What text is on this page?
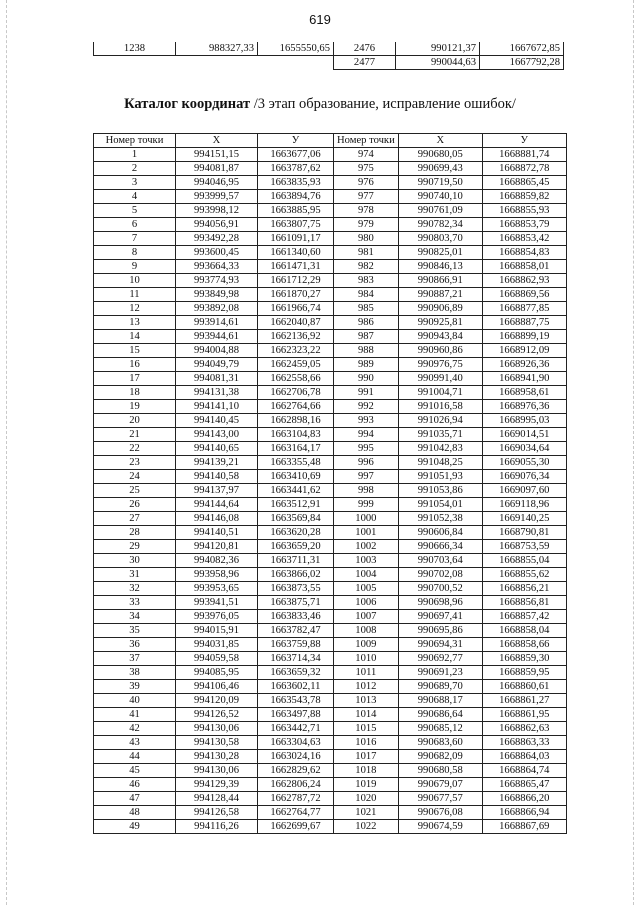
619
1238	988327,33	1655550,65	2476	990121,37	1667672,85
			2477	990044,63	1667792,28
Каталог координат /3 этап образование, исправление ошибок/
Номер точки	X	У	Номер точки	X	У
1	994151,15	1663677,06	974	990680,05	1668881,74
2	994081,87	1663787,62	975	990699,43	1668872,78
3	994046,95	1663835,93	976	990719,50	1668865,45
4	993999,57	1663894,76	977	990740,10	1668859,82
5	993998,12	1663885,95	978	990761,09	1668855,93
6	994056,91	1663807,75	979	990782,34	1668853,79
7	993492,28	1661091,17	980	990803,70	1668853,42
8	993600,45	1661340,60	981	990825,01	1668854,83
9	993664,33	1661471,31	982	990846,13	1668858,01
10	993774,93	1661712,29	983	990866,91	1668862,93
11	993849,98	1661870,27	984	990887,21	1668869,56
12	993892,08	1661966,74	985	990906,89	1668877,85
13	993914,61	1662040,87	986	990925,81	1668887,75
14	993944,61	1662136,92	987	990943,84	1668899,19
15	994004,88	1662323,22	988	990960,86	1668912,09
16	994049,79	1662459,05	989	990976,75	1668926,36
17	994081,31	1662558,66	990	990991,40	1668941,90
18	994131,38	1662706,78	991	991004,71	1668958,61
19	994141,10	1662764,66	992	991016,58	1668976,36
20	994140,45	1662898,16	993	991026,94	1668995,03
21	994143,00	1663104,83	994	991035,71	1669014,51
22	994140,65	1663164,17	995	991042,83	1669034,64
23	994139,21	1663355,48	996	991048,25	1669055,30
24	994140,58	1663410,69	997	991051,93	1669076,34
25	994137,97	1663441,62	998	991053,86	1669097,60
26	994144,64	1663512,91	999	991054,01	1669118,96
27	994146,08	1663569,84	1000	991052,38	1669140,25
28	994140,51	1663620,28	1001	990606,84	1668790,81
29	994120,81	1663659,20	1002	990666,34	1668753,59
30	994082,36	1663711,31	1003	990703,64	1668855,04
31	993958,96	1663866,02	1004	990702,08	1668855,62
32	993953,65	1663873,55	1005	990700,52	1668856,21
33	993941,51	1663875,71	1006	990698,96	1668856,81
34	993976,05	1663833,46	1007	990697,41	1668857,42
35	994015,91	1663782,47	1008	990695,86	1668858,04
36	994031,85	1663759,88	1009	990694,31	1668858,66
37	994059,58	1663714,34	1010	990692,77	1668859,30
38	994085,95	1663659,32	1011	990691,23	1668859,95
39	994106,46	1663602,11	1012	990689,70	1668860,61
40	994120,09	1663543,78	1013	990688,17	1668861,27
41	994126,52	1663497,88	1014	990686,64	1668861,95
42	994130,06	1663442,71	1015	990685,12	1668862,63
43	994130,58	1663304,63	1016	990683,60	1668863,33
44	994130,28	1663024,16	1017	990682,09	1668864,03
45	994130,06	1662829,62	1018	990680,58	1668864,74
46	994129,39	1662806,24	1019	990679,07	1668865,47
47	994128,44	1662787,72	1020	990677,57	1668866,20
48	994126,58	1662764,77	1021	990676,08	1668866,94
49	994116,26	1662699,67	1022	990674,59	1668867,69
